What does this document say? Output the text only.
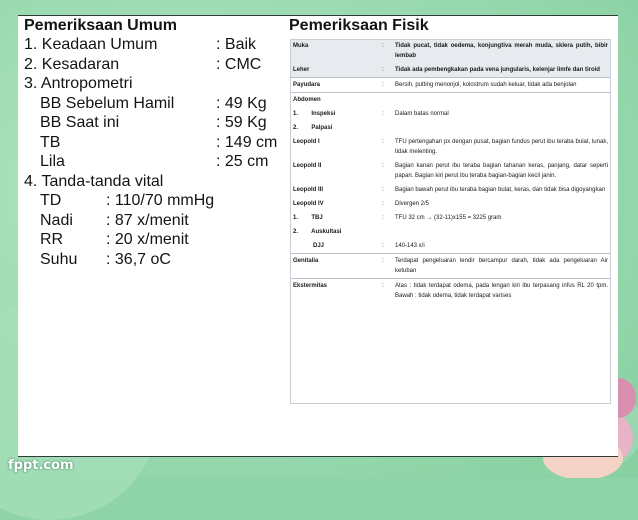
Pemeriksaan Umum
1. Keadaan Umum	: Baik
2. Kesadaran	: CMC
3. Antropometri
BB Sebelum Hamil	: 49 Kg
BB Saat ini	: 59 Kg
TB	: 149 cm
Lila	: 25 cm
4. Tanda-tanda vital
TD	: 110/70 mmHg
Nadi : 87 x/menit
RR	: 20 x/menit
Suhu : 36,7 oC
Pemeriksaan Fisik
Muka	:	Tidak pucat, tidak oedema, konjungtiva merah muda, sklera putih, bibir lembab
Leher	:	Tidak ada pembengkakan pada vena jungularis, kelenjar limfe dan tiroid
Payudara	:	Bersih, putting menonjol, kolostrum sudah keluar, tidak ada benjolan
Abdomen		
1.        Inspeksi	:	Dalam batas normal
2.        Palpasi		
Leopold I	:	TFU pertengahan px dengan pusat, bagian fundus perut ibu teraba bulat, lunak, tidak melenting.
Leopold II	:	Bagian kanan perut ibu teraba bagian tahanan keras, panjang, datar seperti papan. Bagian kiri perut ibu teraba bagian-bagian kecil janin.
Leopold III	:	Bagian bawah perut ibu teraba bagian bulat, keras, dan tidak bisa digoyangkan
Leopold IV	:	Divergen 2/5
1.        TBJ	:	TFU 32 cm → (32-11)x155 = 3225 gram
2.        Auskultasi		
DJJ	:	140-143 x/i
Genitalia	:	Terdapat pengeluaran lendir bercampur darah, tidak ada pengeluaran Air ketuban
Ekstermitas	:	Atas : tidak terdapat odema, pada lengan kiri ibu terpasang infus RL 20 tpm. Bawah : tidak odema, tidak terdapat varises
fppt.com
